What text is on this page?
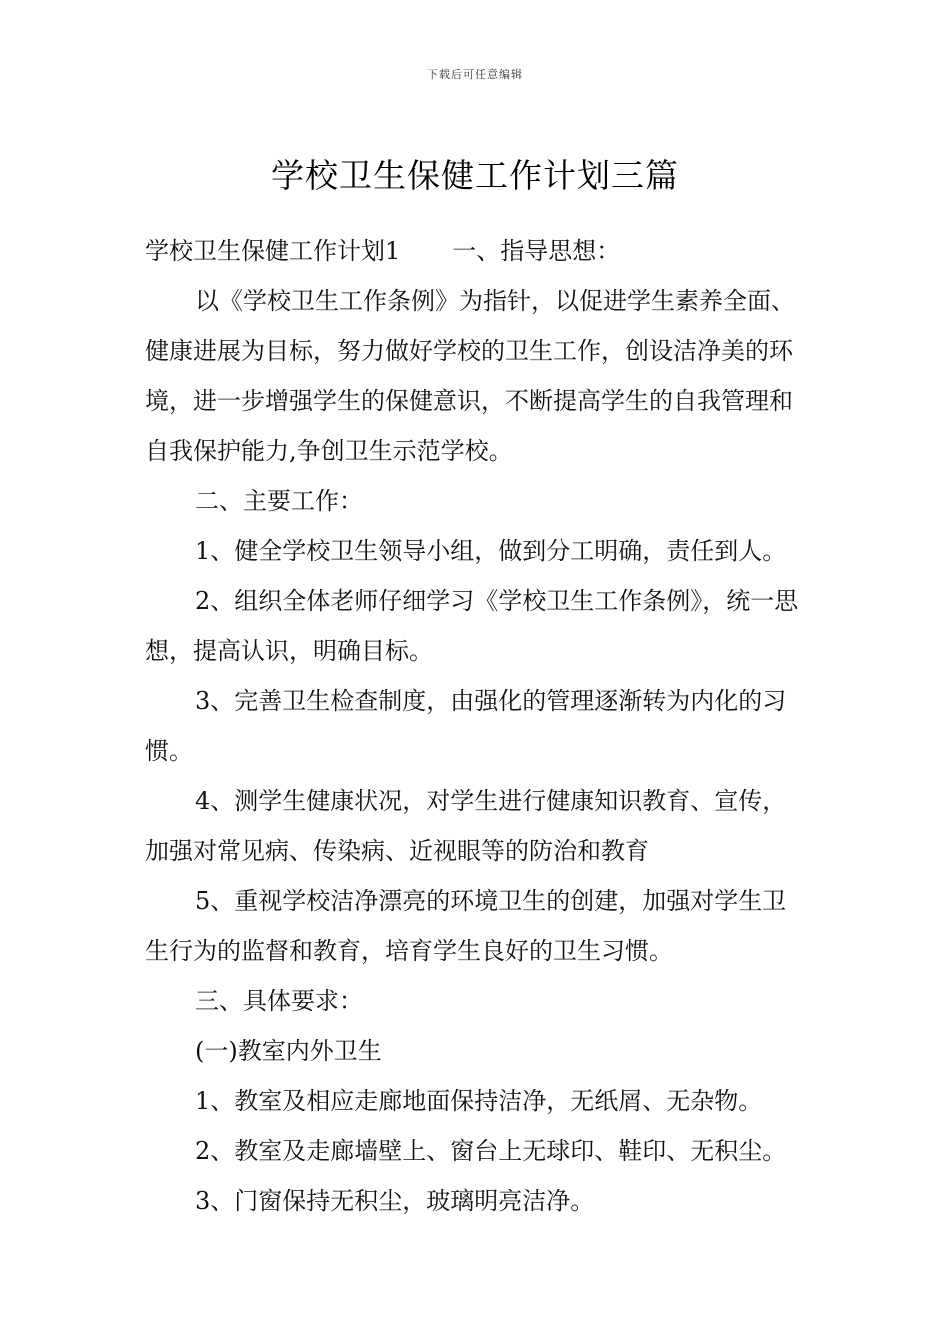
下载后可任意编辑
学校卫生保健工作计划三篇

学校卫生保健工作计划1 一、指导思想：

以《学校卫生工作条例》为指针，以促进学生素养全面、健康进展为目标，努力做好学校的卫生工作，创设洁净美的环境，进一步增强学生的保健意识，不断提高学生的自我管理和自我保护能力,争创卫生示范学校。

二、主要工作：

1、健全学校卫生领导小组，做到分工明确，责任到人。

2、组织全体老师仔细学习《学校卫生工作条例》，统一思想，提高认识，明确目标。

3、完善卫生检查制度，由强化的管理逐渐转为内化的习惯。

4、测学生健康状况，对学生进行健康知识教育、宣传，加强对常见病、传染病、近视眼等的防治和教育

5、重视学校洁净漂亮的环境卫生的创建，加强对学生卫生行为的监督和教育，培育学生良好的卫生习惯。

三、具体要求：

(一)教室内外卫生

1、教室及相应走廊地面保持洁净，无纸屑、无杂物。

2、教室及走廊墙壁上、窗台上无球印、鞋印、无积尘。

3、门窗保持无积尘，玻璃明亮洁净。
